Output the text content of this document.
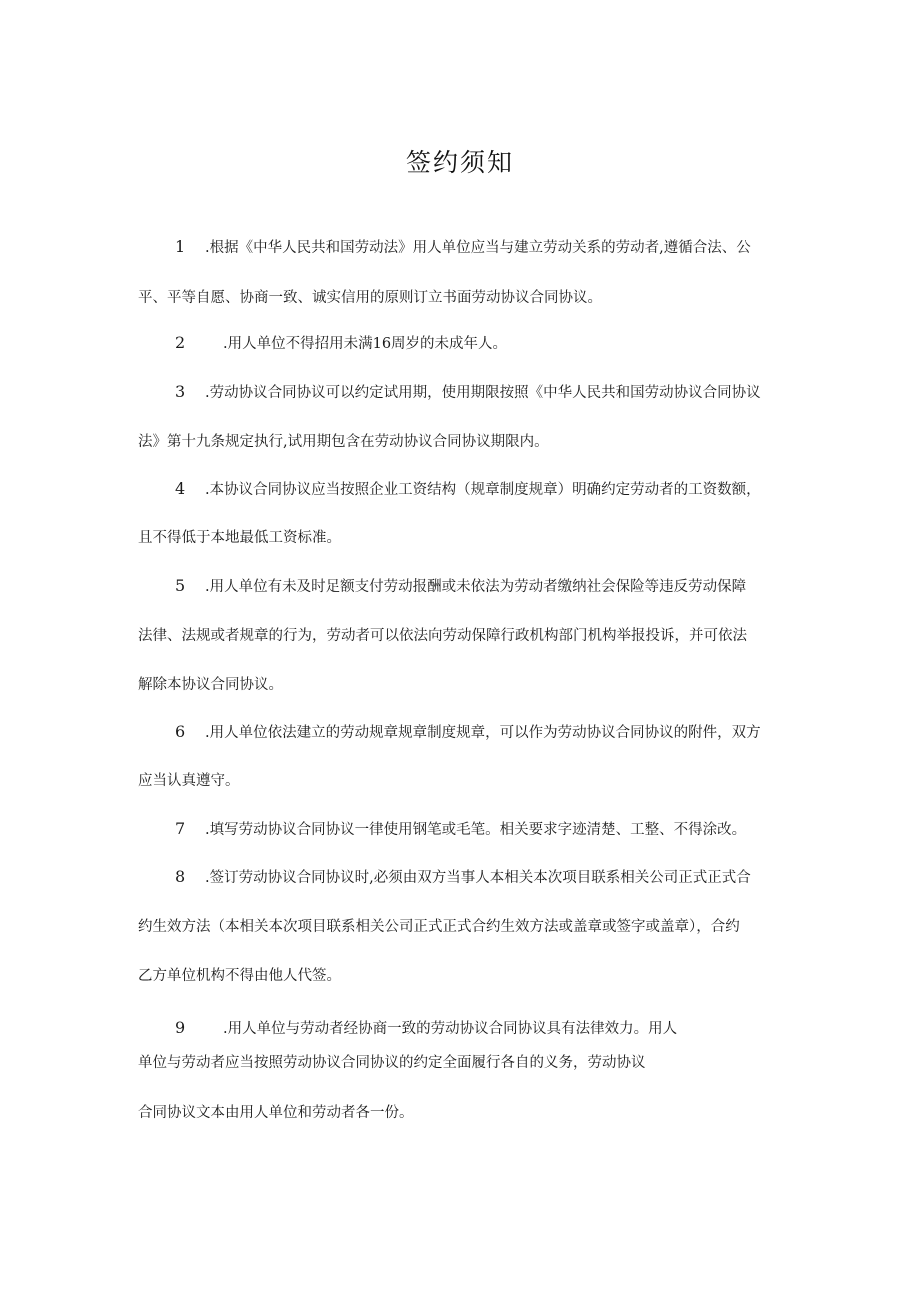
签约须知
1 .根据《中华人民共和国劳动法》用人单位应当与建立劳动关系的劳动者,遵循合法、公
平、平等自愿、协商一致、诚实信用的原则订立书面劳动协议合同协议。
2	.用人单位不得招用未满16周岁的未成年人。
3 .劳动协议合同协议可以约定试用期，使用期限按照《中华人民共和国劳动协议合同协议
法》第十九条规定执行,试用期包含在劳动协议合同协议期限内。
4 .本协议合同协议应当按照企业工资结构（规章制度规章）明确约定劳动者的工资数额，
且不得低于本地最低工资标准。
5 .用人单位有未及时足额支付劳动报酬或未依法为劳动者缴纳社会保险等违反劳动保障
法律、法规或者规章的行为，劳动者可以依法向劳动保障行政机构部门机构举报投诉，并可依法
解除本协议合同协议。
6 .用人单位依法建立的劳动规章规章制度规章，可以作为劳动协议合同协议的附件，双方
应当认真遵守。
7 .填写劳动协议合同协议一律使用钢笔或毛笔。相关要求字迹清楚、工整、不得涂改。
8 .签订劳动协议合同协议时,必须由双方当事人本相关本次项目联系相关公司正式正式合
约生效方法（本相关本次项目联系相关公司正式正式合约生效方法或盖章或签字或盖章），合约
乙方单位机构不得由他人代签。
9	.用人单位与劳动者经协商一致的劳动协议合同协议具有法律效力。用人
单位与劳动者应当按照劳动协议合同协议的约定全面履行各自的义务，劳动协议
合同协议文本由用人单位和劳动者各一份。
